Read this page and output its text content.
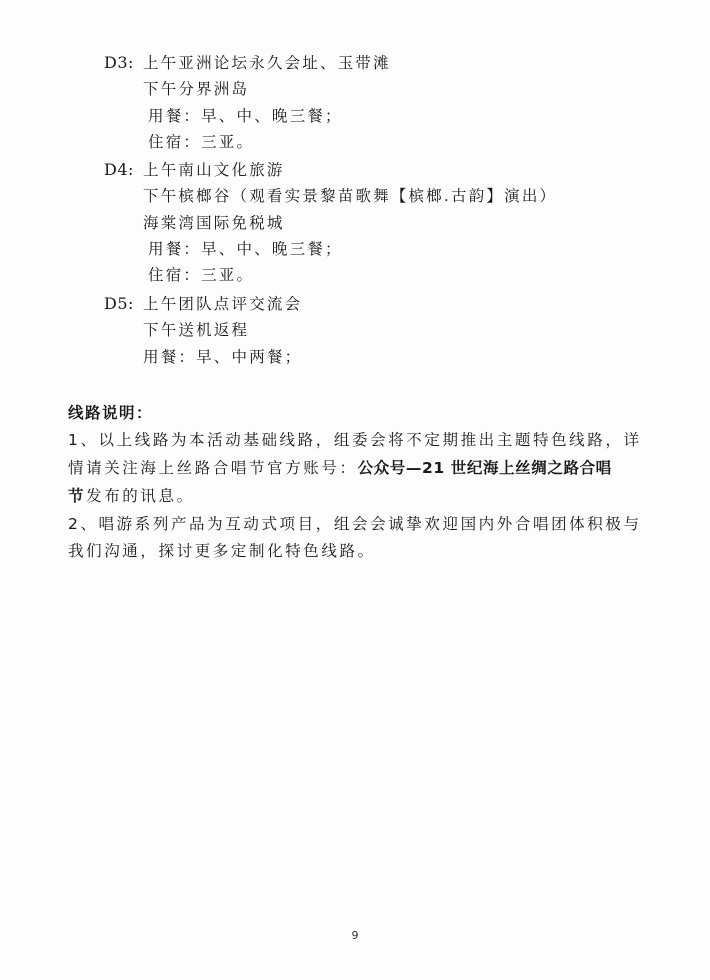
D3: 上午亚洲论坛永久会址、玉带滩
下午分界洲岛
用餐：早、中、晚三餐；
住宿：三亚。
D4: 上午南山文化旅游
下午槟榔谷（观看实景黎苗歌舞【槟榔.古韵】演出）
海棠湾国际免税城
用餐：早、中、晚三餐；
住宿：三亚。
D5: 上午团队点评交流会
下午送机返程
用餐：早、中两餐；
线路说明：
1、以上线路为本活动基础线路，组委会将不定期推出主题特色线路，详
情请关注海上丝路合唱节官方账号：公众号—21 世纪海上丝绸之路合唱
节发布的讯息。
2、唱游系列产品为互动式项目，组会会诚挚欢迎国内外合唱团体积极与
我们沟通，探讨更多定制化特色线路。
9
